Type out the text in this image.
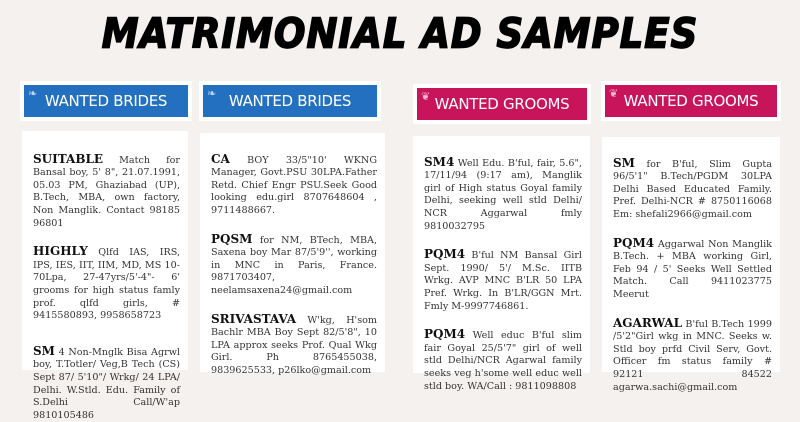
MATRIMONIAL AD SAMPLES
❧ WANTED BRIDES	❧ WANTED BRIDES	❦ WANTED GROOMS
❦ WANTED GROOMS

SUITABLE Match for Bansal boy, 5' 8", 21.07.1991, 05.03 PM, Ghaziabad (UP), B.Tech, MBA, own factory, Non Manglik. Contact 98185 96801

HIGHLY Qlfd IAS, IRS, IPS, IES, IIT, IIM, MD, MS 10-70Lpa, 27-47yrs/5'-4"- 6' grooms for high status famly prof. qlfd girls, # 9415580893, 9958658723

SM 4 Non-Mnglk Bisa Agrwl boy, T.Totler/ Veg,B Tech (CS) Sept 87/ 5'10"/ Wrkg/ 24 LPA/ Delhi. W.Stld. Edu. Family of S.Delhi Call/W'ap 9810105486

CA BOY 33/5"10' WKNG Manager, Govt.PSU 30LPA.Father Retd. Chief Engr PSU.Seek Good looking edu.girl 8707648604 , 9711488667.

PQSM for NM, BTech, MBA, Saxena boy Mar 87/5'9'', working in MNC in Paris, France. 9871703407, neelamsaxena24@gmail.com

SRIVASTAVA W'kg, H'som Bachlr MBA Boy Sept 82/5'8", 10 LPA approx seeks Prof. Qual Wkg Girl. Ph 8765455038, 9839625533, p26lko@gmail.com

SM4 Well Edu. B'ful, fair, 5.6", 17/11/94 (9:17 am), Manglik girl of High status Goyal family Delhi, seeking well stld Delhi/ NCR Aggarwal fmly 9810032795

PQM4 B'ful NM Bansal Girl Sept. 1990/ 5'/ M.Sc. IITB Wrkg. AVP MNC B'LR 50 LPA Pref. Wrkg. In B'LR/GGN Mrt. Fmly M-9997746861.

PQM4 Well educ B'ful slim fair Goyal 25/5'7" girl of well stld Delhi/NCR Agarwal family seeks veg h'some well educ well stld boy. WA/Call : 9811098808

SM for B'ful, Slim Gupta 96/5'1" B.Tech/PGDM 30LPA Delhi Based Educated Family. Pref. Delhi-NCR # 8750116068 Em: shefali2966@gmail.com

PQM4 Aggarwal Non Manglik B.Tech. + MBA working Girl, Feb 94 / 5' Seeks Well Settled Match. Call 9411023775 Meerut

AGARWAL B'ful B.Tech 1999 /5'2"Girl wkg in MNC. Seeks w. Stld boy prfd Civil Serv, Govt. Officer fm status family # 92121 84522 agarwa.sachi@gmail.com
